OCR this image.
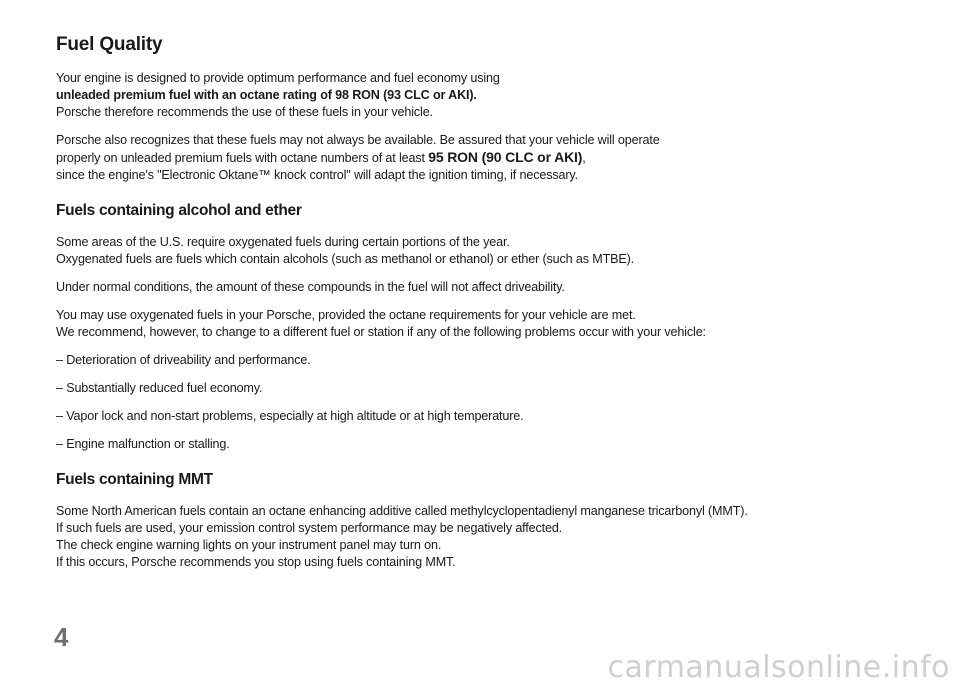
Fuel Quality

Your engine is designed to provide optimum performance and fuel economy using
unleaded premium fuel with an octane rating of 98 RON (93 CLC or AKI).
Porsche therefore recommends the use of these fuels in your vehicle.

Porsche also recognizes that these fuels may not always be available. Be assured that your vehicle will operate
properly on unleaded premium fuels with octane numbers of at least 95 RON (90 CLC or AKI),
since the engine's "Electronic Oktane™ knock control" will adapt the ignition timing, if necessary.

Fuels containing alcohol and ether

Some areas of the U.S. require oxygenated fuels during certain portions of the year.
Oxygenated fuels are fuels which contain alcohols (such as methanol or ethanol) or ether (such as MTBE).

Under normal conditions, the amount of these compounds in the fuel will not affect driveability.

You may use oxygenated fuels in your Porsche, provided the octane requirements for your vehicle are met.
We recommend, however, to change to a different fuel or station if any of the following problems occur with your vehicle:

– Deterioration of driveability and performance.

– Substantially reduced fuel economy.

– Vapor lock and non-start problems, especially at high altitude or at high temperature.

– Engine malfunction or stalling.

Fuels containing MMT

Some North American fuels contain an octane enhancing additive called methylcyclopentadienyl manganese tricarbonyl (MMT).
If such fuels are used, your emission control system performance may be negatively affected.
The check engine warning lights on your instrument panel may turn on.
If this occurs, Porsche recommends you stop using fuels containing MMT.

4
carmanualsonline.info
